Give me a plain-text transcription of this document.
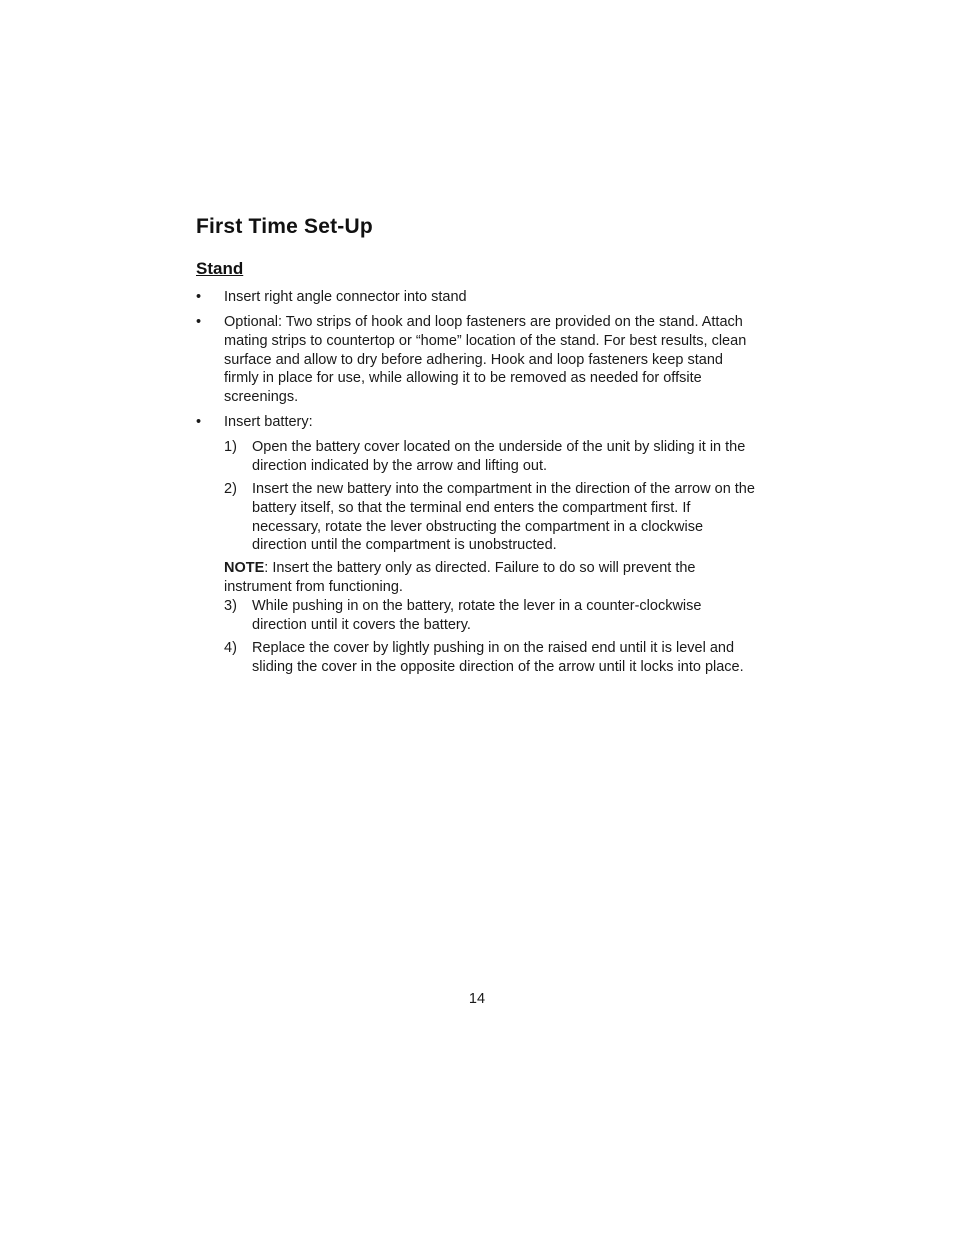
First Time Set-Up
Stand
•	Insert right angle connector into stand
•	Optional: Two strips of hook and loop fasteners are provided on the stand. Attach mating strips to countertop or “home” location of the stand. For best results, clean surface and allow to dry before adhering. Hook and loop fasteners keep stand firmly in place for use, while allowing it to be removed as needed for offsite screenings.
•	Insert battery:
1)	Open the battery cover located on the underside of the unit by sliding it in the direction indicated by the arrow and lifting out.
2)	Insert the new battery into the compartment in the direction of the arrow on the battery itself, so that the terminal end enters the compartment first. If necessary, rotate the lever obstructing the compartment in a clockwise direction until the compartment is unobstructed.
NOTE: Insert the battery only as directed. Failure to do so will prevent the instrument from functioning.
3)	While pushing in on the battery, rotate the lever in a counter-clockwise direction until it covers the battery.
4)	Replace the cover by lightly pushing in on the raised end until it is level and sliding the cover in the opposite direction of the arrow until it locks into place.
14
